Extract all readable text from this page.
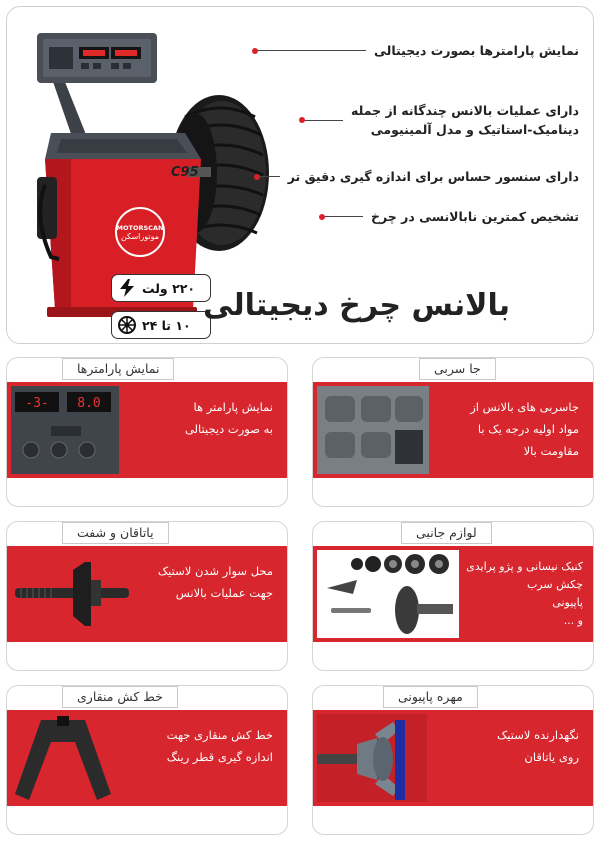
MOTORSCAN
موتوراسکن
C95
نمایش پارامترها بصورت دیجیتالی
دارای عملیات بالانس چندگانه از جمله
دینامیک-استاتیک و مدل آلمینیومی
دارای سنسور حساس برای اندازه گیری دقیق تر
تشخیص کمترین نابالانسی در چرخ
۲۲۰ ولت
۱۰ تا ۲۴
بالانس چرخ دیجیتالی
نمایش پارامترها
-3- 8.0	نمایش پارامتر ها
به صورت دیجیتالی
جا سربی
جاسربی های بالانس از
مواد اولیه درجه یک با
مقاومت بالا
یاتاقان و شفت
محل سوار شدن لاستیک
جهت عملیات بالانس
لوازم جانبی
کنیک نیسانی و پژو پرایدی
چکش سرب
پاپیونی
و ...
خط کش منقاری
خط کش منقاری جهت
اندازه گیری قطر رینگ
مهره پاپیونی
نگهدارنده لاستیک
روی یاتاقان
